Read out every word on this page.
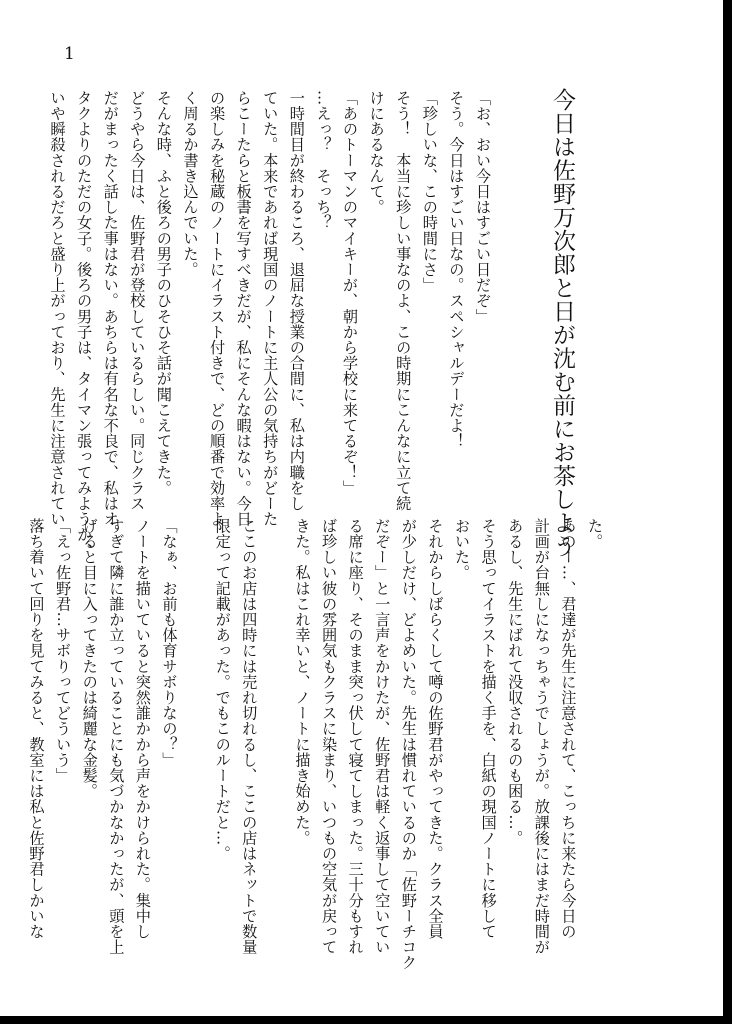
1
今日は佐野万次郎と日が沈む前にお茶しよう
「お、おい今日はすごい日だぞ」
そう。今日はすごい日なの。スペシャルデーだよ！
「珍しいな、この時間にさ」
そう！　本当に珍しい事なのよ、この時期にこんなに立て続
けにあるなんて。
「あのトーマンのマイキーが、朝から学校に来てるぞ！」
…えっ？　そっち？
一時間目が終わるころ、退屈な授業の合間に、私は内職をし
ていた。本来であれば現国のノートに主人公の気持ちがどーた
らこーたらと板書を写すべきだが、私にそんな暇はない。今日
の楽しみを秘蔵のノートにイラスト付きで、どの順番で効率よ
く周るか書き込んでいた。
そんな時、ふと後ろの男子のひそひそ話が聞こえてきた。
どうやら今日は、佐野君が登校しているらしい。同じクラス
だがまったく話した事はない。あちらは有名な不良で、私はオ
タクよりのただの女子。後ろの男子は、タイマン張ってみようか、
いや瞬殺されるだろと盛り上がっており、先生に注意されてい
た。
あのー…、君達が先生に注意されて、こっちに来たら今日の
計画が台無しになっちゃうでしょうが。放課後にはまだ時間が
あるし、先生にばれて没収されるのも困る…。
そう思ってイラストを描く手を、白紙の現国ノートに移して
おいた。
それからしばらくして噂の佐野君がやってきた。クラス全員
が少しだけ、どよめいた。先生は慣れているのか「佐野ーチコク
だぞー」と一言声をかけたが、佐野君は軽く返事して空いてい
る席に座り、そのまま突っ伏して寝てしまった。三十分もすれ
ば珍しい彼の雰囲気もクラスに染まり、いつもの空気が戻って
きた。私はこれ幸いと、ノートに描き始めた。

ここのお店は四時には売れ切れるし、ここの店はネットで数量
限定って記載があった。でもこのルートだと…。

「なぁ、お前も体育サボりなの？」
ノートを描いていると突然誰かから声をかけられた。集中し
すぎて隣に誰か立っていることにも気づかなかったが、頭を上
げると目に入ってきたのは綺麗な金髪。
「えっ佐野君…サボりってどういう」
落ち着いて回りを見てみると、教室には私と佐野君しかいな
